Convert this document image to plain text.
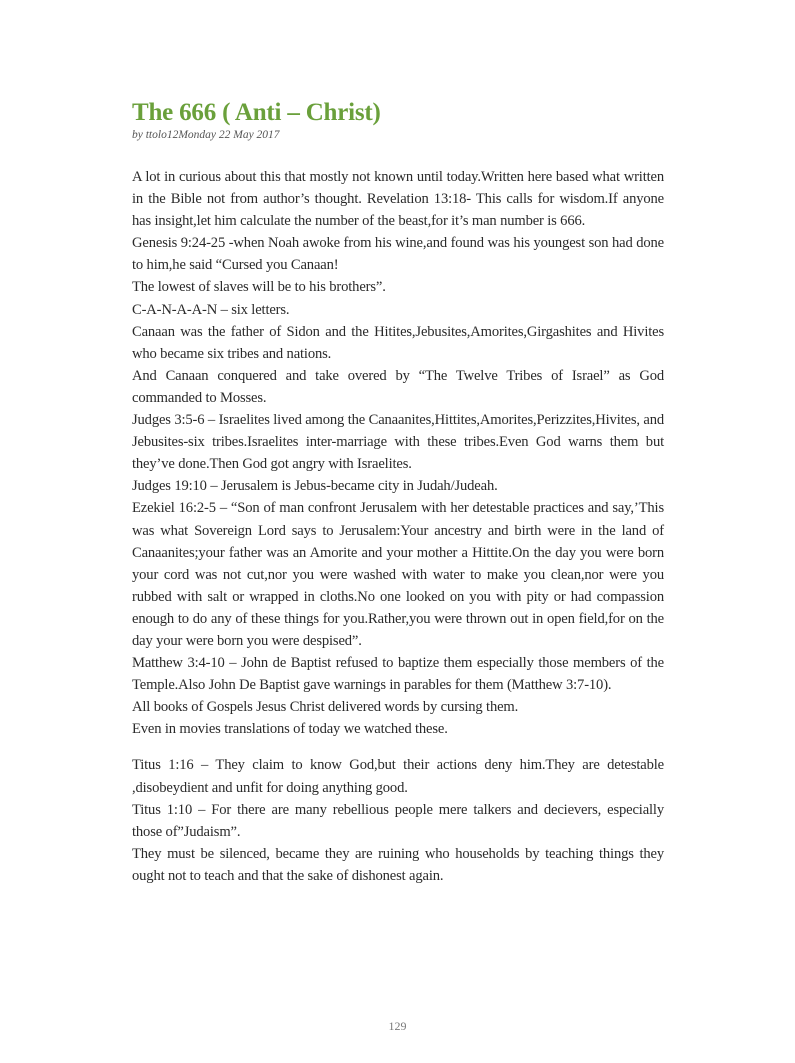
The 666 ( Anti – Christ)

by ttolo12Monday 22 May 2017

A lot in curious about this that mostly not known until today.Written here based what written in the Bible not from author’s thought. Revelation 13:18- This calls for wisdom.If anyone has insight,let him calculate the number of the beast,for it’s man number is 666.

Genesis 9:24-25 -when Noah awoke from his wine,and found was his youngest son had done to him,he said “Cursed you Canaan!

The lowest of slaves will be to his brothers”.

C-A-N-A-A-N – six letters.

Canaan was the father of Sidon and the Hitites,Jebusites,Amorites,Girgashites and Hivites who became six tribes and nations.

And Canaan conquered and take overed by “The Twelve Tribes of Israel” as God commanded to Mosses.

Judges 3:5-6 – Israelites lived among the Canaanites,Hittites,Amorites,Perizzites,Hivites, and Jebusites-six tribes.Israelites inter-marriage with these tribes.Even God warns them but they’ve done.Then God got angry with Israelites.

Judges 19:10 – Jerusalem is Jebus-became city in Judah/Judeah.

Ezekiel 16:2-5 – “Son of man confront Jerusalem with her detestable practices and say,’This was what Sovereign Lord says to Jerusalem:Your ancestry and birth were in the land of Canaanites;your father was an Amorite and your mother a Hittite.On the day you were born your cord was not cut,nor you were washed with water to make you clean,nor were you rubbed with salt or wrapped in cloths.No one looked on you with pity or had compassion enough to do any of these things for you.Rather,you were thrown out in open field,for on the day your were born you were despised”.

Matthew 3:4-10 – John de Baptist refused to baptize them especially those members of the Temple.Also John De Baptist gave warnings in parables for them (Matthew 3:7-10).

All books of Gospels Jesus Christ delivered words by cursing them.

Even in movies translations of today we watched these.

Titus 1:16 – They claim to know God,but their actions deny him.They are detestable ,disobeydient and unfit for doing anything good.

Titus 1:10 – For there are many rebellious people mere talkers and decievers, especially those of”Judaism”.

They must be silenced, became they are ruining who households by teaching things they ought not to teach and that the sake of dishonest again.

129
